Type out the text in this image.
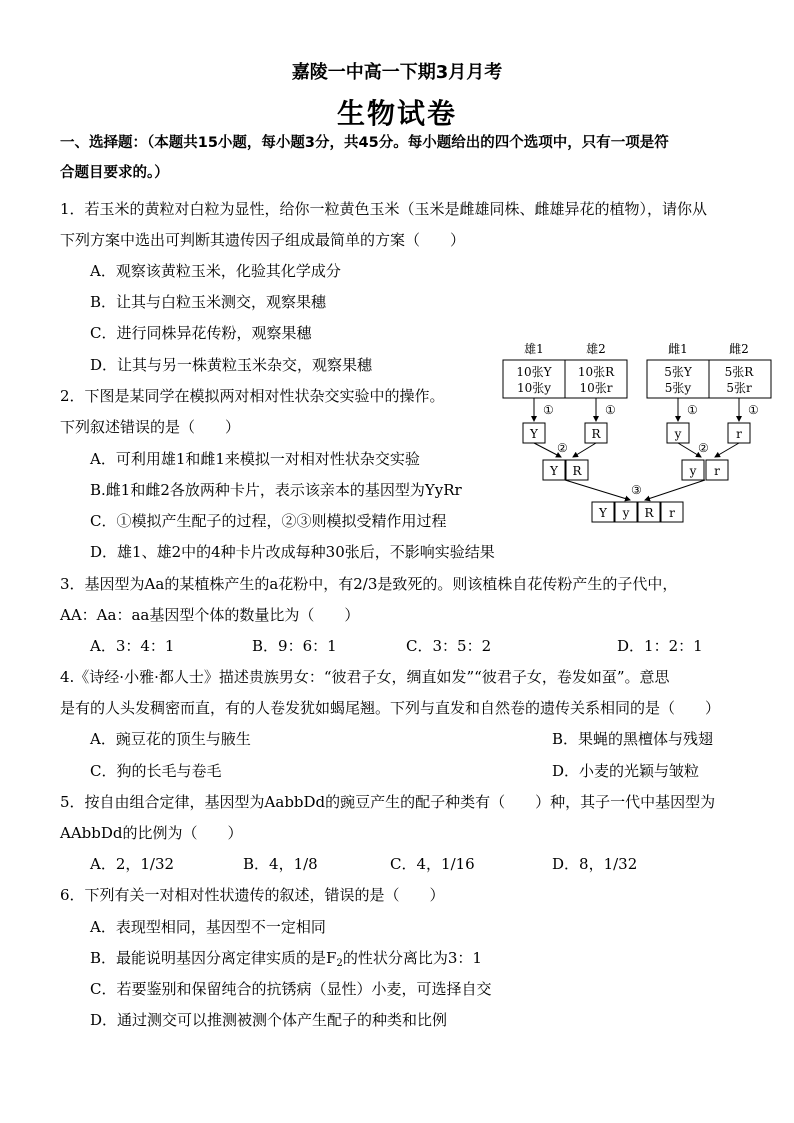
嘉陵一中高一下期3月月考
生物试卷
一、选择题：（本题共15小题，每小题3分，共45分。每小题给出的四个选项中，只有一项是符
合题目要求的。）
1．若玉米的黄粒对白粒为显性，给你一粒黄色玉米（玉米是雌雄同株、雌雄异花的植物），请你从
下列方案中选出可判断其遗传因子组成最简单的方案（　　）
A．观察该黄粒玉米，化验其化学成分
B．让其与白粒玉米测交，观察果穗
C．进行同株异花传粉，观察果穗
D．让其与另一株黄粒玉米杂交，观察果穗
2．下图是某同学在模拟两对相对性状杂交实验中的操作。
下列叙述错误的是（　　）
A．可利用雄1和雌1来模拟一对相对性状杂交实验
B.雌1和雌2各放两种卡片，表示该亲本的基因型为YyRr
C．①模拟产生配子的过程，②③则模拟受精作用过程
D．雄1、雄2中的4种卡片改成每种30张后，不影响实验结果
雄1	雄2	雌1	雌2
10张Y
10张y
10张R
10张r
5张Y
5张y
5张R
5张r
①	①	①	①
Y	R	y	r
②	②
Y R	y r
③
Y y R r
3．基因型为Aa的某植株产生的a花粉中，有2/3是致死的。则该植株自花传粉产生的子代中，
AA：Aa：aa基因型个体的数量比为（　　）
A．3：4：1	B．9：6：1	C．3：5：2	D．1：2：1
4.《诗经·小雅·都人士》描述贵族男女：“彼君子女，绸直如发”“彼君子女，卷发如虿”。意思
是有的人头发稠密而直，有的人卷发犹如蝎尾翘。下列与直发和自然卷的遗传关系相同的是（　　）
A．豌豆花的顶生与腋生	B．果蝇的黑檀体与残翅
C．狗的长毛与卷毛	D．小麦的光颖与皱粒
5．按自由组合定律，基因型为AabbDd的豌豆产生的配子种类有（　　）种，其子一代中基因型为
AAbbDd的比例为（　　）
A．2，1/32	B．4，1/8	C．4，1/16	D．8，1/32
6．下列有关一对相对性状遗传的叙述，错误的是（　　）
A．表现型相同，基因型不一定相同
B．最能说明基因分离定律实质的是$F_2$的性状分离比为3：1
C．若要鉴别和保留纯合的抗锈病（显性）小麦，可选择自交
D．通过测交可以推测被测个体产生配子的种类和比例
